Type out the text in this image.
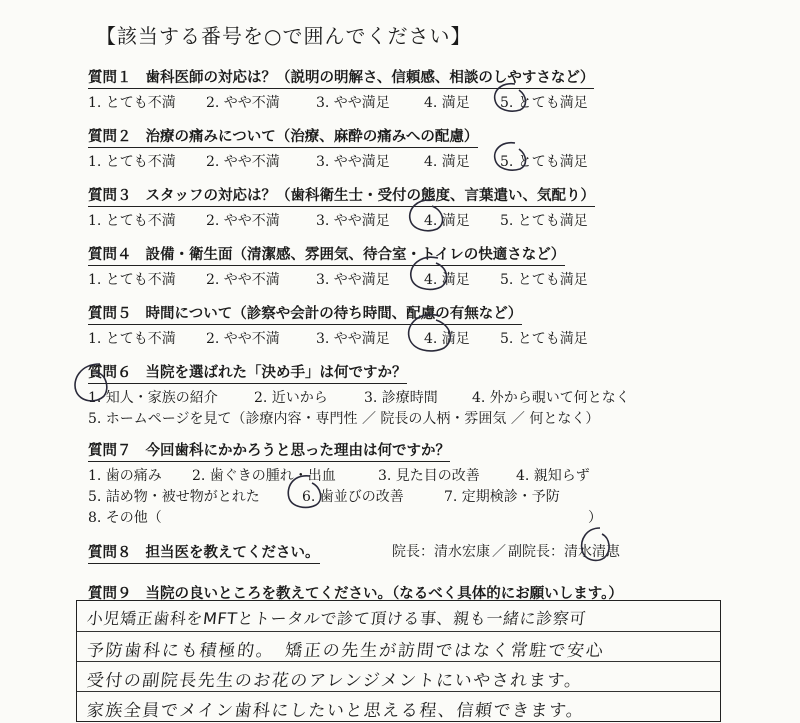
【該当する番号を○で囲んでください】
質問１ 歯科医師の対応は？（説明の明解さ、信頼感、相談のしやすさなど）
1. とても不満 2. やや不満	3. やや満足 4. 満足 5. とても満足
質問２ 治療の痛みについて（治療、麻酔の痛みへの配慮）
1. とても不満 2. やや不満	3. やや満足 4. 満足 5. とても満足
質問３ スタッフの対応は？（歯科衛生士・受付の態度、言葉遣い、気配り）
1. とても不満 2. やや不満	3. やや満足 4. 満足 5. とても満足
質問４ 設備・衛生面（清潔感、雰囲気、待合室・トイレの快適さなど）
1. とても不満 2. やや不満	3. やや満足 4. 満足 5. とても満足
質問５ 時間について（診察や会計の待ち時間、配慮の有無など）
1. とても不満 2. やや不満	3. やや満足 4. 満足 5. とても満足
質問６ 当院を選ばれた「決め手」は何ですか？
1. 知人・家族の紹介	2. 近いから	3. 診療時間 4. 外から覗いて何となく
5. ホームページを見て（診療内容・専門性 ／ 院長の人柄・雰囲気 ／ 何となく）
質問７ 今回歯科にかかろうと思った理由は何ですか？
1. 歯の痛み 2. 歯ぐきの腫れ・出血	3. 見た目の改善	4. 親知らず
5. 詰め物・被せ物がとれた	6. 歯並びの改善	7. 定期検診・予防
8. その他（	）
質問８ 担当医を教えてください。	院長：清水宏康 ／ 副院長：清水清恵
質問９ 当院の良いところを教えてください。（なるべく具体的にお願いします。）
小児矯正歯科をMFTとトータルで診て頂ける事、親も一緒に診察可
予防歯科にも積極的。　矯正の先生が訪問ではなく常駐で安心
受付の副院長先生のお花のアレンジメントにいやされます。
家族全員でメイン歯科にしたいと思える程、信頼できます。
